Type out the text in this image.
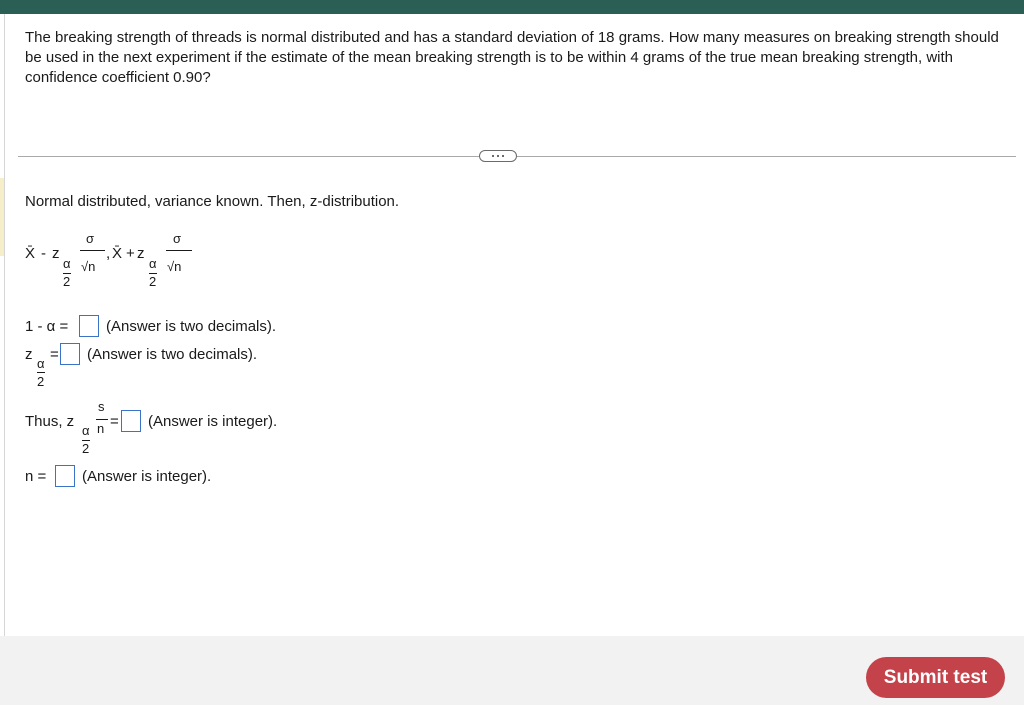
The breaking strength of threads is normal distributed and has a standard deviation of 18 grams. How many measures on breaking strength should be used in the next experiment if the estimate of the mean breaking strength is to be within 4 grams of the true mean breaking strength, with confidence coefficient 0.90?
Normal distributed, variance known. Then, z-distribution.
X̄ - z
α
2
σ
√n
, X̄ + z
α
2
σ
√n
1 - α =	(Answer is two decimals).
z
α
2
= (Answer is two decimals).
Thus, z
α
2
s
n = (Answer is integer).
n = (Answer is integer).
Submit test
